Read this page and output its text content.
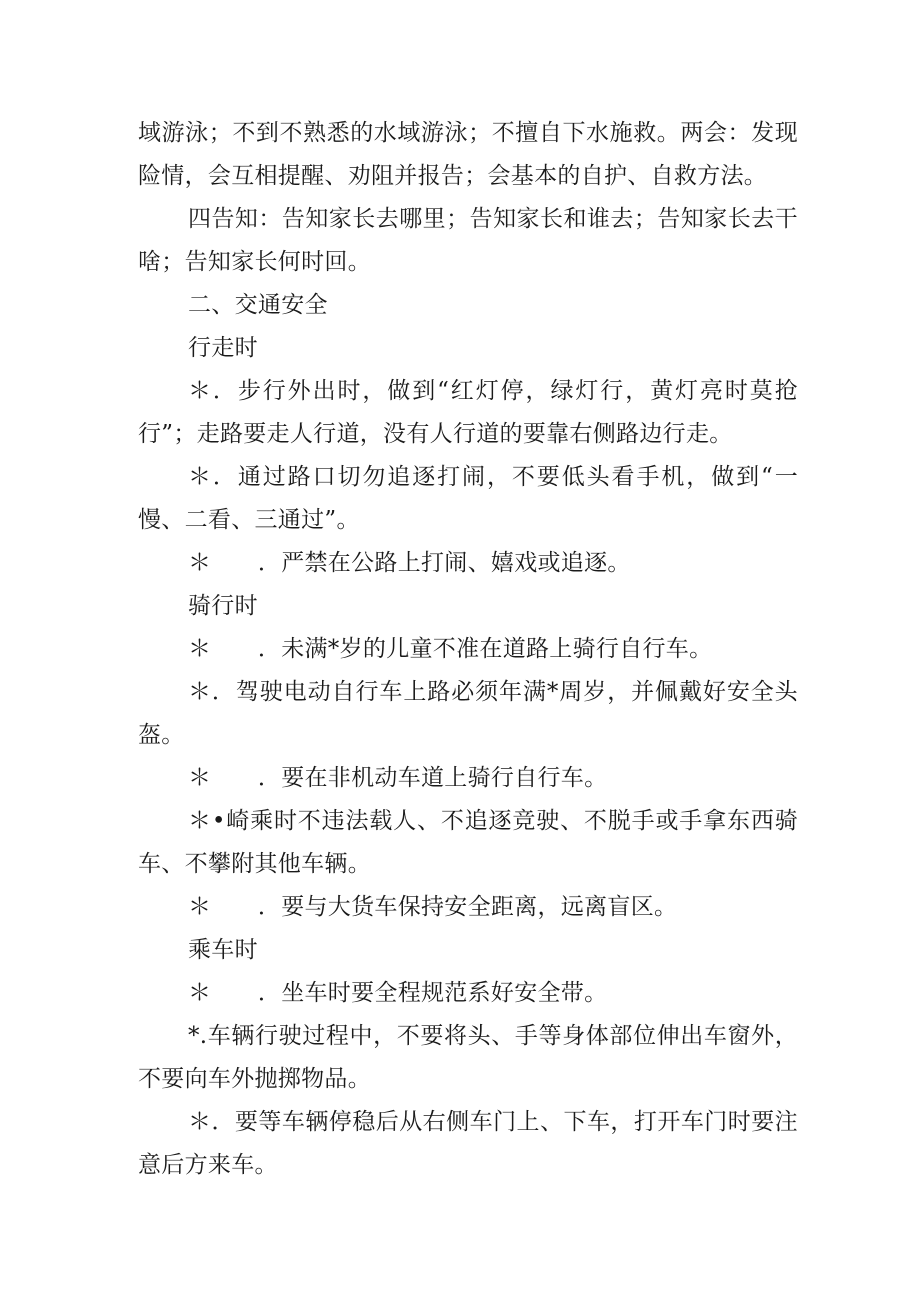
域游泳；不到不熟悉的水域游泳；不擅自下水施救。两会：发现险情，会互相提醒、劝阻并报告；会基本的自护、自救方法。

四告知：告知家长去哪里；告知家长和谁去；告知家长去干啥；告知家长何时回。

二、交通安全

行走时

＊．步行外出时，做到“红灯停，绿灯行，黄灯亮时莫抢行”；走路要走人行道，没有人行道的要靠右侧路边行走。

＊．通过路口切勿追逐打闹，不要低头看手机，做到“一慢、二看、三通过”。

＊　　．严禁在公路上打闹、嬉戏或追逐。

骑行时

＊　　．未满*岁的儿童不准在道路上骑行自行车。

＊．驾驶电动自行车上路必须年满*周岁，并佩戴好安全头盔。

＊　　．要在非机动车道上骑行自行车。

＊•崎乘时不违法载人、不追逐竞驶、不脱手或手拿东西骑车、不攀附其他车辆。

＊　　．要与大货车保持安全距离，远离盲区。

乘车时

＊　　．坐车时要全程规范系好安全带。

*.车辆行驶过程中，不要将头、手等身体部位伸出车窗外，不要向车外抛掷物品。

＊．要等车辆停稳后从右侧车门上、下车，打开车门时要注意后方来车。
